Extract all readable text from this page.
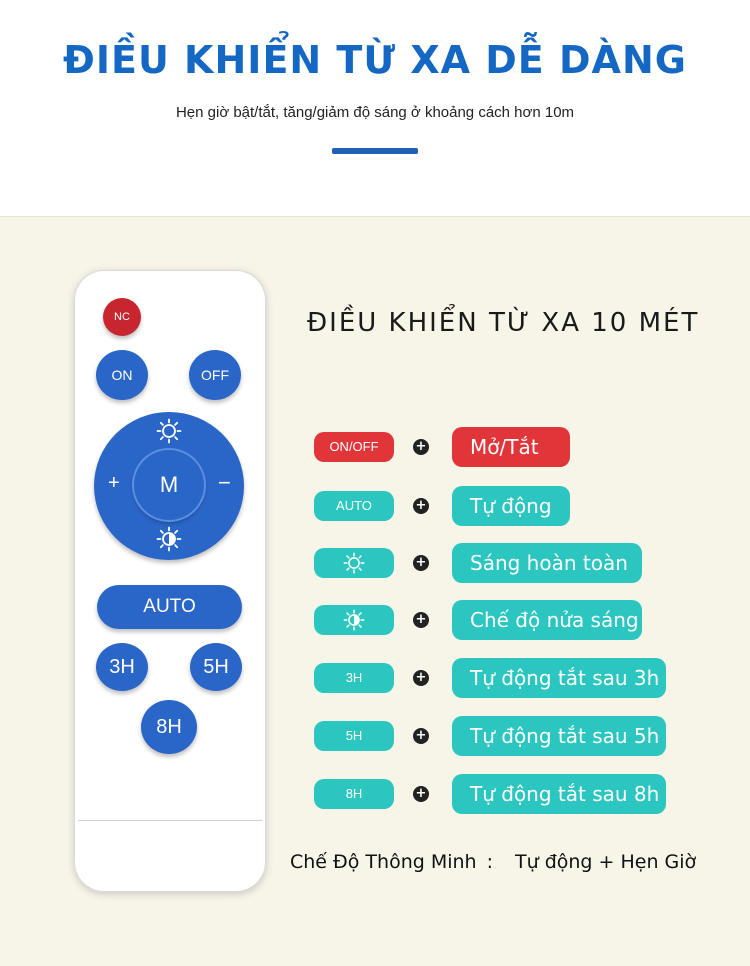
ĐIỀU KHIỂN TỪ XA DỄ DÀNG
Hẹn giờ bật/tắt, tăng/giảm độ sáng ở khoảng cách hơn 10m
NC
ON	OFF
+	−
M
AUTO
3H	5H
8H
ĐIỀU KHIỂN TỪ XA 10 MÉT
Chế Độ Thông Minh : Tự động + Hẹn Giờ
ON/OFF	+	Mở/Tắt
AUTO	+	Tự động
+	Sáng hoàn toàn
+	Chế độ nửa sáng
3H	+	Tự động tắt sau 3h
5H	+	Tự động tắt sau 5h
8H	+	Tự động tắt sau 8h
